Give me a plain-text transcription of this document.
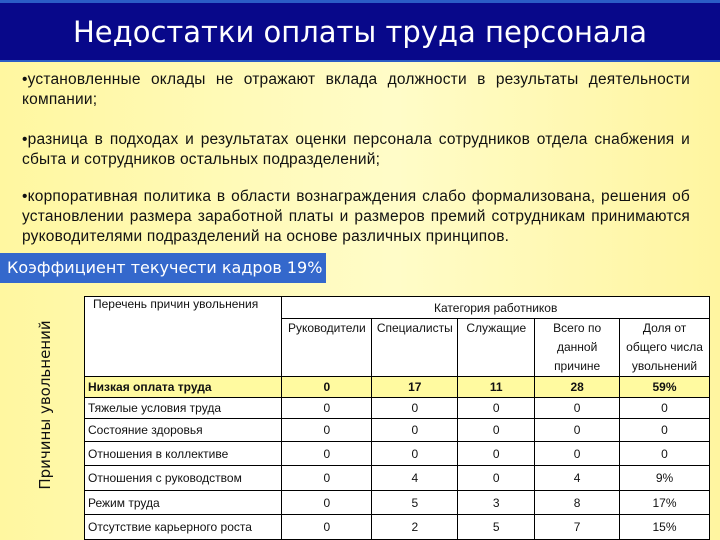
Недостатки оплаты труда персонала
•установленные оклады не отражают вклада должности в результаты деятельности компании;
•разница в подходах и результатах оценки персонала сотрудников отдела снабжения и сбыта и сотрудников остальных подразделений;
•корпоративная политика в области вознаграждения слабо формализована, решения об установлении размера заработной платы и размеров премий сотрудникам принимаются руководителями подразделений на основе различных принципов.
Коэффициент текучести кадров 19%
Причины увольнений
Перечень причин увольнения	Категория работников				
	Руководители	Специалисты	Служащие	Всего по данной причине	Доля от общего числа увольнений
Низкая оплата труда	0	17	11	28	59%
Тяжелые условия труда	0	0	0	0	0
Состояние здоровья	0	0	0	0	0
Отношения в коллективе	0	0	0	0	0
Отношения с руководством	0	4	0	4	9%
Режим труда	0	5	3	8	17%
Отсутствие карьерного роста	0	2	5	7	15%
